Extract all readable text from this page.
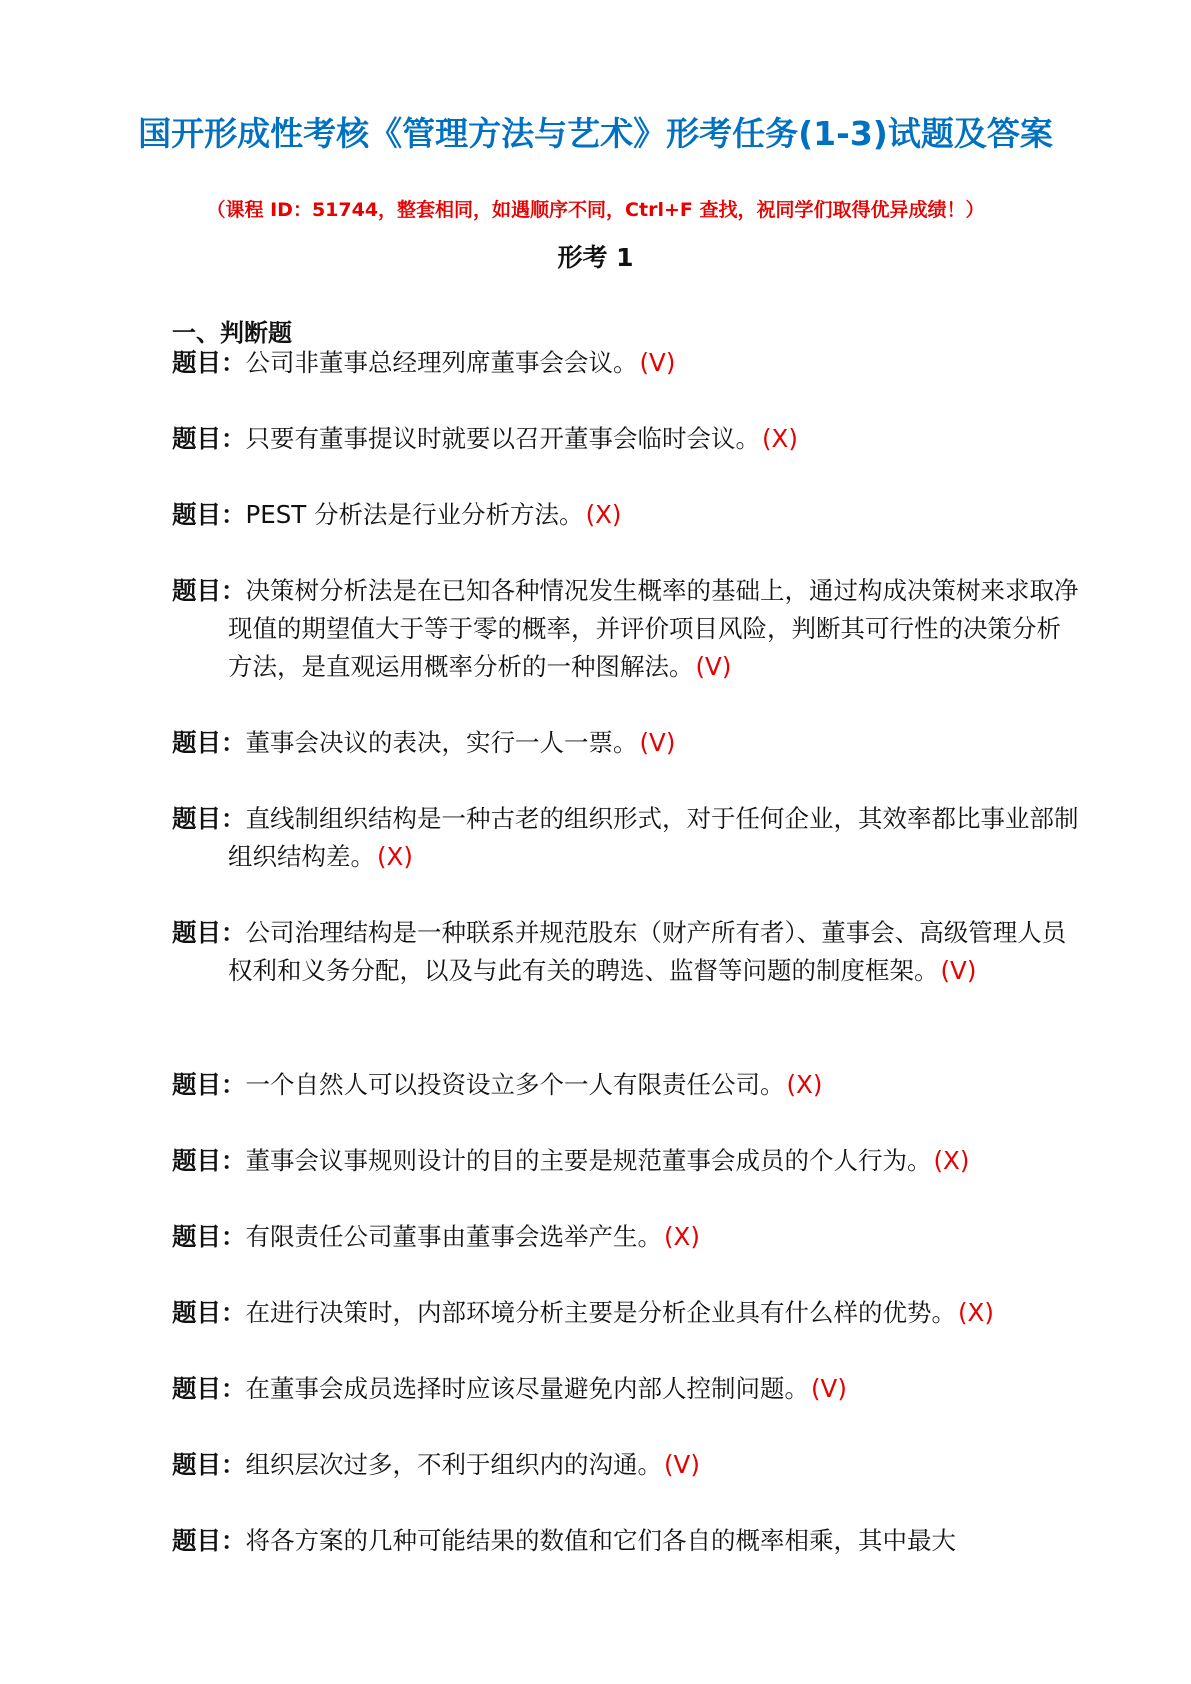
国开形成性考核《管理方法与艺术》形考任务(1-3)试题及答案
（课程 ID：51744，整套相同，如遇顺序不同，Ctrl+F 查找，祝同学们取得优异成绩！）
形考 1
一、判断题
题目：公司非董事总经理列席董事会会议。(V)
题目：只要有董事提议时就要以召开董事会临时会议。(X)
题目：PEST 分析法是行业分析方法。(X)
题目：决策树分析法是在已知各种情况发生概率的基础上，通过构成决策树来求取净现值的期望值大于等于零的概率，并评价项目风险，判断其可行性的决策分析方法，是直观运用概率分析的一种图解法。(V)
题目：董事会决议的表决，实行一人一票。(V)
题目：直线制组织结构是一种古老的组织形式，对于任何企业，其效率都比事业部制组织结构差。(X)
题目：公司治理结构是一种联系并规范股东（财产所有者）、董事会、高级管理人员权利和义务分配，以及与此有关的聘选、监督等问题的制度框架。(V)
题目：一个自然人可以投资设立多个一人有限责任公司。(X)
题目：董事会议事规则设计的目的主要是规范董事会成员的个人行为。(X)
题目：有限责任公司董事由董事会选举产生。(X)
题目：在进行决策时，内部环境分析主要是分析企业具有什么样的优势。(X)
题目：在董事会成员选择时应该尽量避免内部人控制问题。(V)
题目：组织层次过多，不利于组织内的沟通。(V)
题目：将各方案的几种可能结果的数值和它们各自的概率相乘，其中最大
